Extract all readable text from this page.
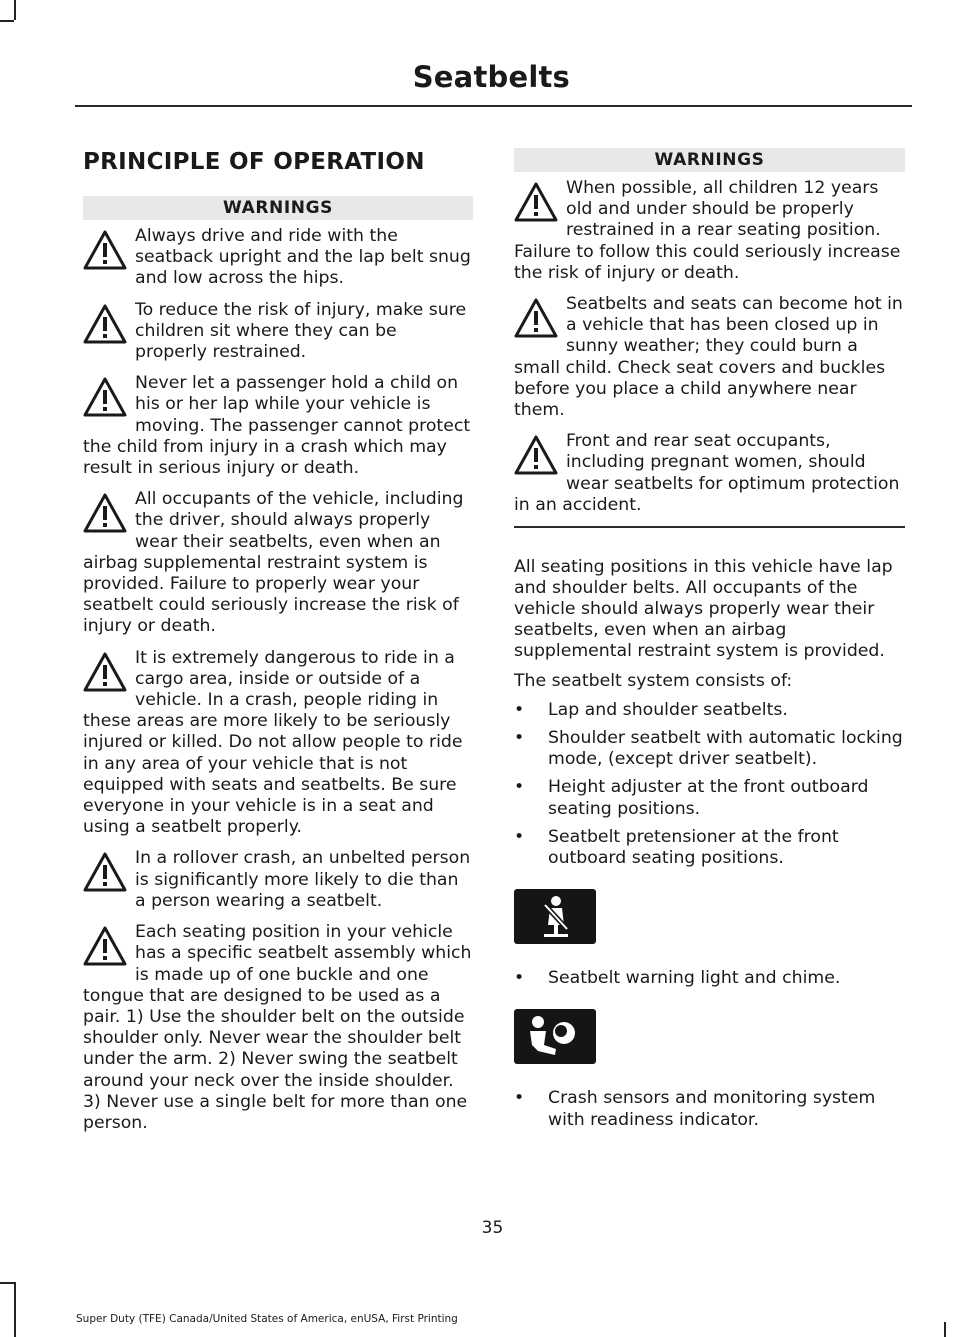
Seatbelts
PRINCIPLE OF OPERATION
WARNINGS
Always drive and ride with the seatback upright and the lap belt snug and low across the hips.
To reduce the risk of injury, make sure children sit where they can be properly restrained.
Never let a passenger hold a child on his or her lap while your vehicle is moving. The passenger cannot protect the child from injury in a crash which may result in serious injury or death.
All occupants of the vehicle, including the driver, should always properly wear their seatbelts, even when an airbag supplemental restraint system is provided. Failure to properly wear your seatbelt could seriously increase the risk of injury or death.
It is extremely dangerous to ride in a cargo area, inside or outside of a vehicle. In a crash, people riding in these areas are more likely to be seriously injured or killed. Do not allow people to ride in any area of your vehicle that is not equipped with seats and seatbelts. Be sure everyone in your vehicle is in a seat and using a seatbelt properly.
In a rollover crash, an unbelted person is significantly more likely to die than a person wearing a seatbelt.
Each seating position in your vehicle has a specific seatbelt assembly which is made up of one buckle and one tongue that are designed to be used as a pair. 1) Use the shoulder belt on the outside shoulder only. Never wear the shoulder belt under the arm. 2) Never swing the seatbelt around your neck over the inside shoulder. 3) Never use a single belt for more than one person.
WARNINGS
When possible, all children 12 years old and under should be properly restrained in a rear seating position. Failure to follow this could seriously increase the risk of injury or death.
Seatbelts and seats can become hot in a vehicle that has been closed up in sunny weather; they could burn a small child. Check seat covers and buckles before you place a child anywhere near them.
Front and rear seat occupants, including pregnant women, should wear seatbelts for optimum protection in an accident.

All seating positions in this vehicle have lap and shoulder belts. All occupants of the vehicle should always properly wear their seatbelts, even when an airbag supplemental restraint system is provided.

The seatbelt system consists of:

• Lap and shoulder seatbelts.
• Shoulder seatbelt with automatic locking mode, (except driver seatbelt).
• Height adjuster at the front outboard seating positions.
• Seatbelt pretensioner at the front outboard seating positions.
• Seatbelt warning light and chime.
• Crash sensors and monitoring system with readiness indicator.
35
Super Duty (TFE) Canada/United States of America, enUSA, First Printing
